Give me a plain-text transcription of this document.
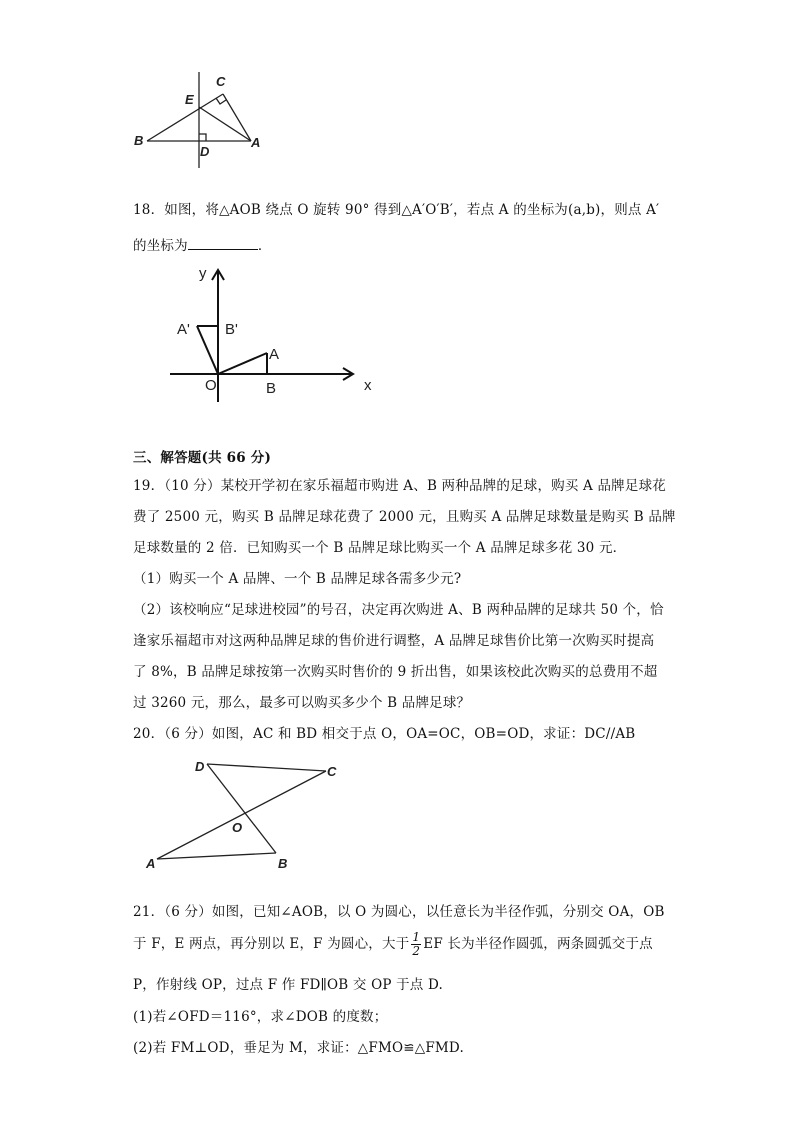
C
E
B
D
A
18．如图，将△AOB 绕点 O 旋转 90° 得到△A′O′B′，若点 A 的坐标为(a,b)，则点 A′
的坐标为	．
y
x
O
A
B
A' B'
三、解答题(共 66 分)
19．（10 分）某校开学初在家乐福超市购进 A、B 两种品牌的足球，购买 A 品牌足球花
费了 2500 元，购买 B 品牌足球花费了 2000 元，且购买 A 品牌足球数量是购买 B 品牌
足球数量的 2 倍．已知购买一个 B 品牌足球比购买一个 A 品牌足球多花 30 元．
（1）购买一个 A 品牌、一个 B 品牌足球各需多少元?
（2）该校响应“足球进校园”的号召，决定再次购进 A、B 两种品牌的足球共 50 个，恰
逢家乐福超市对这两种品牌足球的售价进行调整，A 品牌足球售价比第一次购买时提高
了 8%，B 品牌足球按第一次购买时售价的 9 折出售，如果该校此次购买的总费用不超
过 3260 元，那么，最多可以购买多少个 B 品牌足球？
20．（6 分）如图，AC 和 BD 相交于点 O，OA=OC，OB=OD，求证：DC//AB
D	C
O
A	B
21．（6 分）如图，已知∠AOB，以 O 为圆心，以任意长为半径作弧，分别交 OA，OB
于 F，E 两点，再分别以 E，F 为圆心，大于 $\frac{1}{2}$ EF 长为半径作圆弧，两条圆弧交于点
P，作射线 OP，过点 F 作 FD∥OB 交 OP 于点 D.
(1)若∠OFD＝116°，求∠DOB 的度数；
(2)若 FM⊥OD，垂足为 M，求证：△FMO≌△FMD.
